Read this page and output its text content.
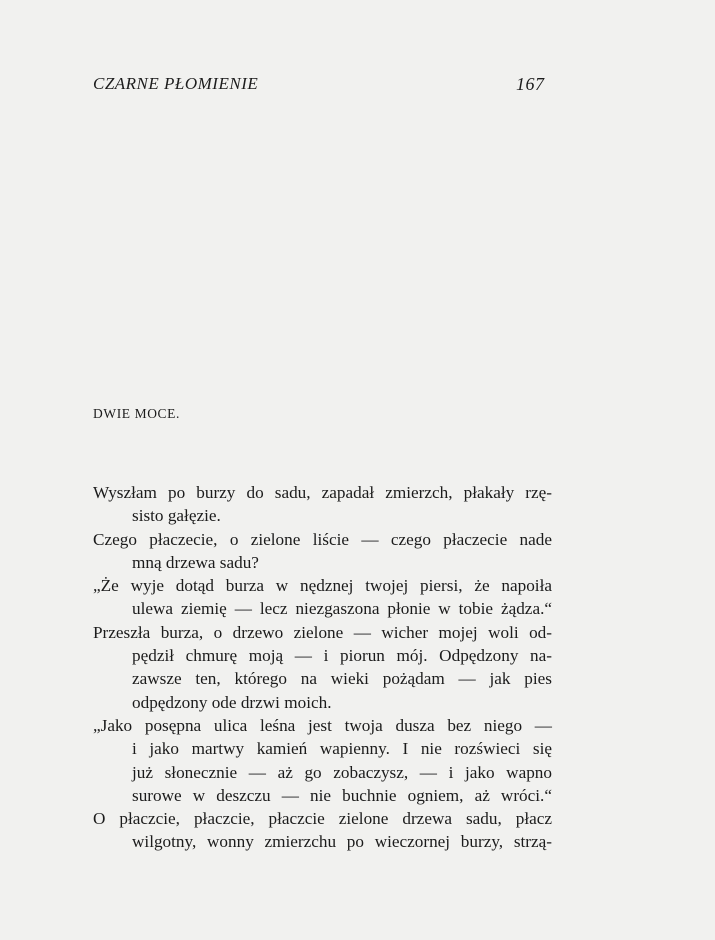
CZARNE PŁOMIENIE	167
DWIE MOCE.
Wyszłam po burzy do sadu, zapadał zmierzch, płakały rzę-
sisto gałęzie.
Czego płaczecie, o zielone liście — czego płaczecie nade
mną drzewa sadu?
„Że wyje dotąd burza w nędznej twojej piersi, że napoiła
ulewa ziemię — lecz niezgaszona płonie w tobie żądza.“
Przeszła burza, o drzewo zielone — wicher mojej woli od-
pędził chmurę moją — i piorun mój. Odpędzony na-
zawsze ten, którego na wieki pożądam — jak pies
odpędzony ode drzwi moich.
„Jako posępna ulica leśna jest twoja dusza bez niego —
i jako martwy kamień wapienny. I nie rozświeci się
już słonecznie — aż go zobaczysz, — i jako wapno
surowe w deszczu — nie buchnie ogniem, aż wróci.“
O płaczcie, płaczcie, płaczcie zielone drzewa sadu, płacz
wilgotny, wonny zmierzchu po wieczornej burzy, strzą-
